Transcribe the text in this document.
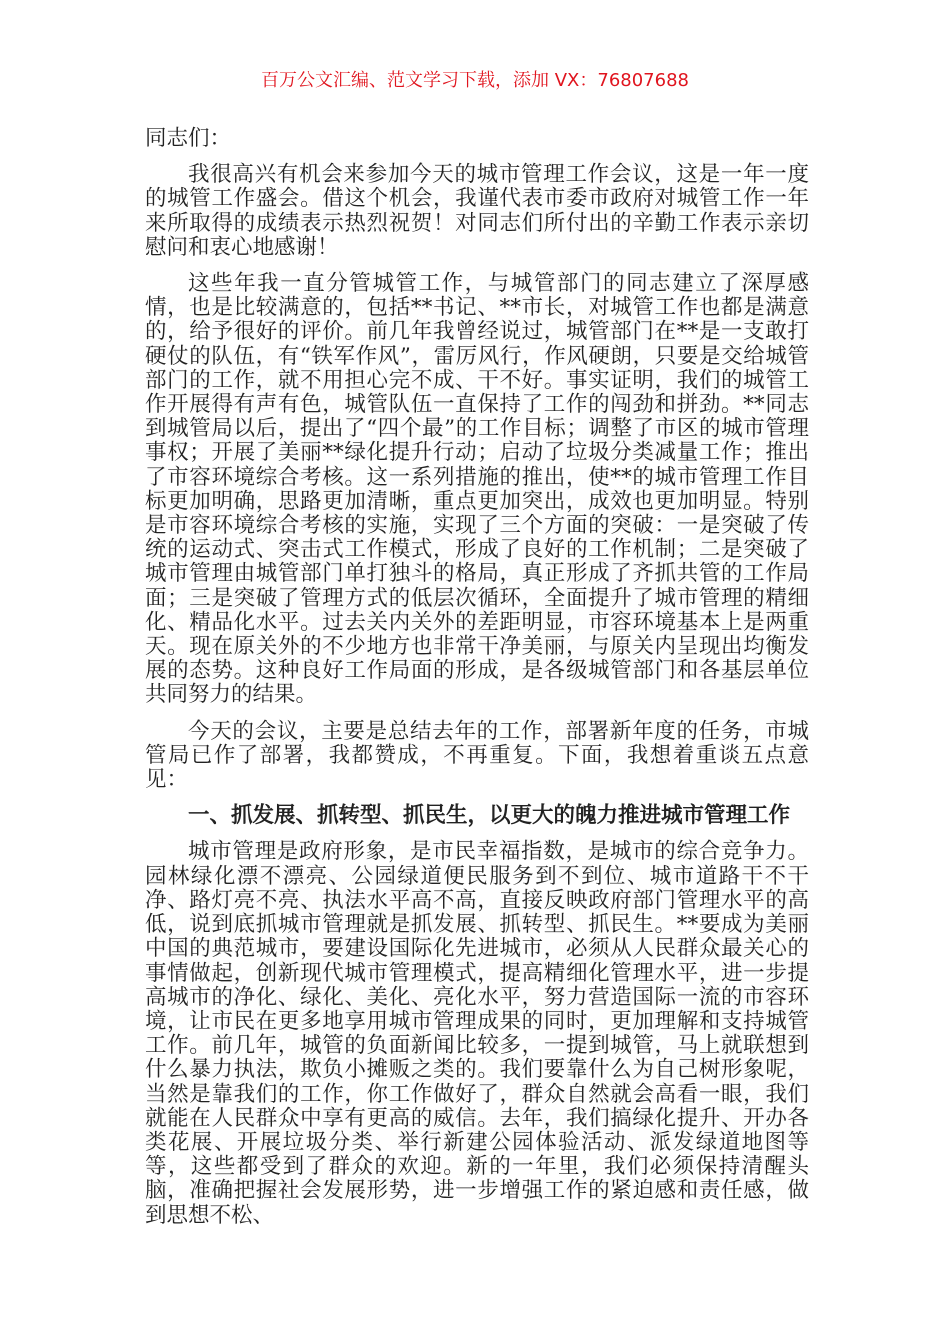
百万公文汇编、范文学习下载，添加 VX：76807688

同志们：

我很高兴有机会来参加今天的城市管理工作会议，这是一年一度的城管工作盛会。借这个机会，我谨代表市委市政府对城管工作一年来所取得的成绩表示热烈祝贺！对同志们所付出的辛勤工作表示亲切慰问和衷心地感谢！

这些年我一直分管城管工作，与城管部门的同志建立了深厚感情，也是比较满意的，包括**书记、**市长，对城管工作也都是满意的，给予很好的评价。前几年我曾经说过，城管部门在**是一支敢打硬仗的队伍，有“铁军作风”，雷厉风行，作风硬朗，只要是交给城管部门的工作，就不用担心完不成、干不好。事实证明，我们的城管工作开展得有声有色，城管队伍一直保持了工作的闯劲和拼劲。**同志到城管局以后，提出了“四个最”的工作目标；调整了市区的城市管理事权；开展了美丽**绿化提升行动；启动了垃圾分类减量工作；推出了市容环境综合考核。这一系列措施的推出，使**的城市管理工作目标更加明确，思路更加清晰，重点更加突出，成效也更加明显。特别是市容环境综合考核的实施，实现了三个方面的突破：一是突破了传统的运动式、突击式工作模式，形成了良好的工作机制；二是突破了城市管理由城管部门单打独斗的格局，真正形成了齐抓共管的工作局面；三是突破了管理方式的低层次循环，全面提升了城市管理的精细化、精品化水平。过去关内关外的差距明显，市容环境基本上是两重天。现在原关外的不少地方也非常干净美丽，与原关内呈现出均衡发展的态势。这种良好工作局面的形成，是各级城管部门和各基层单位共同努力的结果。

今天的会议，主要是总结去年的工作，部署新年度的任务，市城管局已作了部署，我都赞成，不再重复。下面，我想着重谈五点意见：

一、抓发展、抓转型、抓民生，以更大的魄力推进城市管理工作

城市管理是政府形象，是市民幸福指数，是城市的综合竞争力。园林绿化漂不漂亮、公园绿道便民服务到不到位、城市道路干不干净、路灯亮不亮、执法水平高不高，直接反映政府部门管理水平的高低，说到底抓城市管理就是抓发展、抓转型、抓民生。**要成为美丽中国的典范城市，要建设国际化先进城市，必须从人民群众最关心的事情做起，创新现代城市管理模式，提高精细化管理水平，进一步提高城市的净化、绿化、美化、亮化水平，努力营造国际一流的市容环境，让市民在更多地享用城市管理成果的同时，更加理解和支持城管工作。前几年，城管的负面新闻比较多，一提到城管，马上就联想到什么暴力执法，欺负小摊贩之类的。我们要靠什么为自己树形象呢，当然是靠我们的工作，你工作做好了，群众自然就会高看一眼，我们就能在人民群众中享有更高的威信。去年，我们搞绿化提升、开办各类花展、开展垃圾分类、举行新建公园体验活动、派发绿道地图等等，这些都受到了群众的欢迎。新的一年里，我们必须保持清醒头脑，准确把握社会发展形势，进一步增强工作的紧迫感和责任感，做到思想不松、
